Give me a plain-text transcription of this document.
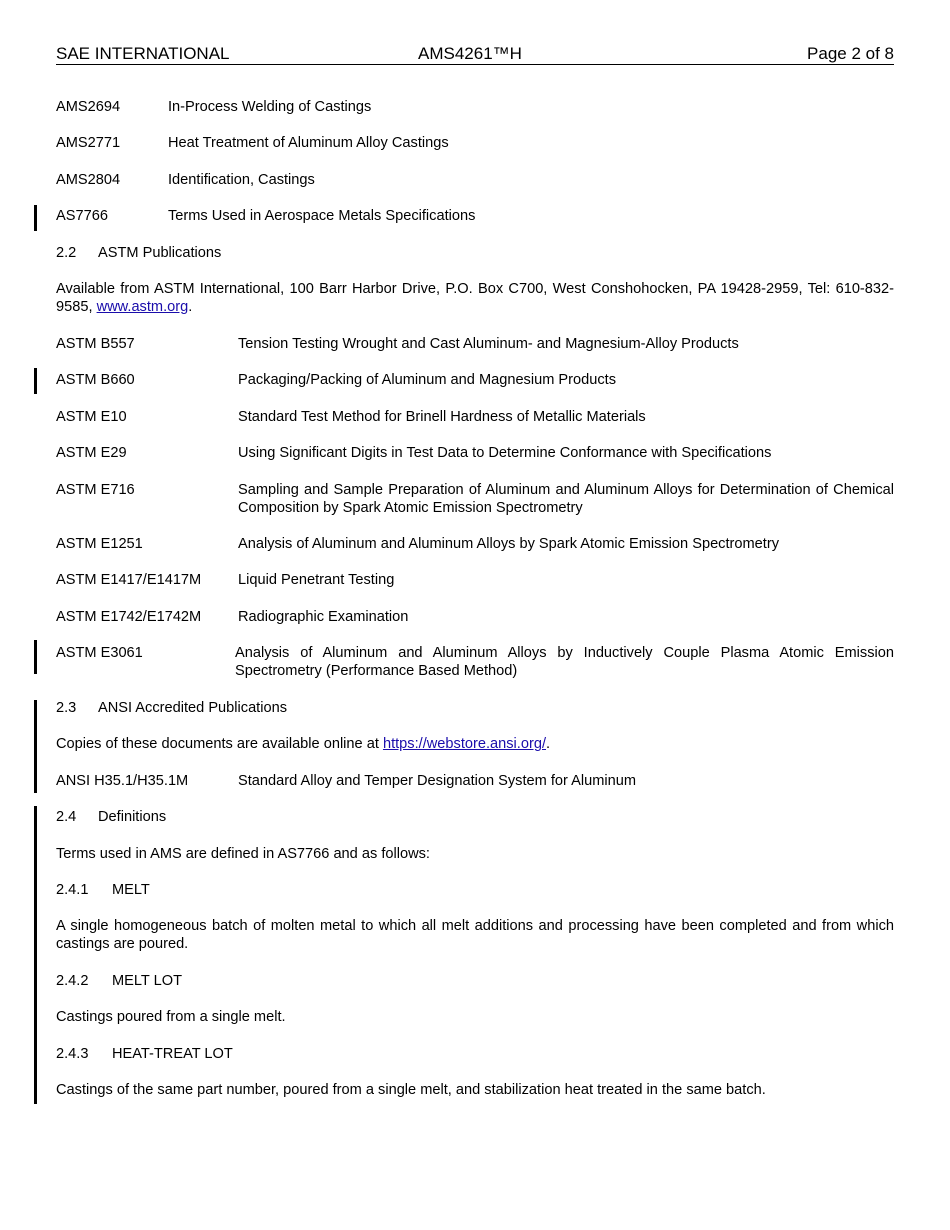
SAE INTERNATIONAL	AMS4261™H	Page 2 of 8
AMS2694	In-Process Welding of Castings
AMS2771	Heat Treatment of Aluminum Alloy Castings
AMS2804	Identification, Castings
AS7766	Terms Used in Aerospace Metals Specifications
2.2 ASTM Publications
Available from ASTM International, 100 Barr Harbor Drive, P.O. Box C700, West Conshohocken, PA 19428-2959, Tel: 610-832-9585, www.astm.org.
ASTM B557	Tension Testing Wrought and Cast Aluminum- and Magnesium-Alloy Products
ASTM B660	Packaging/Packing of Aluminum and Magnesium Products
ASTM E10	Standard Test Method for Brinell Hardness of Metallic Materials
ASTM E29	Using Significant Digits in Test Data to Determine Conformance with Specifications
ASTM E716	Sampling and Sample Preparation of Aluminum and Aluminum Alloys for Determination of Chemical Composition by Spark Atomic Emission Spectrometry
ASTM E1251	Analysis of Aluminum and Aluminum Alloys by Spark Atomic Emission Spectrometry
ASTM E1417/E1417M	Liquid Penetrant Testing
ASTM E1742/E1742M	Radiographic Examination
ASTM E3061	Analysis of Aluminum and Aluminum Alloys by Inductively Couple Plasma Atomic Emission Spectrometry (Performance Based Method)
2.3 ANSI Accredited Publications
Copies of these documents are available online at https://webstore.ansi.org/.
ANSI H35.1/H35.1M	Standard Alloy and Temper Designation System for Aluminum
2.4 Definitions
Terms used in AMS are defined in AS7766 and as follows:
2.4.1 MELT
A single homogeneous batch of molten metal to which all melt additions and processing have been completed and from which castings are poured.
2.4.2 MELT LOT
Castings poured from a single melt.
2.4.3 HEAT-TREAT LOT
Castings of the same part number, poured from a single melt, and stabilization heat treated in the same batch.
